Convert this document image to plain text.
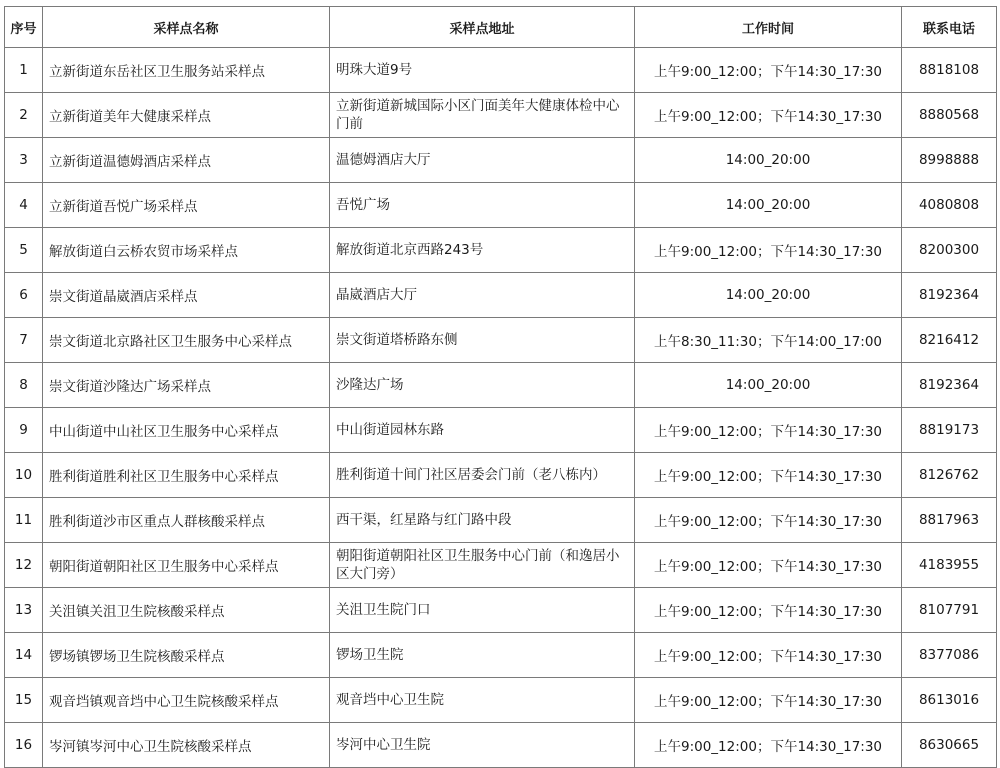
序号	采样点名称	采样点地址	工作时间	联系电话
1	立新街道东岳社区卫生服务站采样点	明珠大道9号	上午9:00_12:00；下午14:30_17:30	8818108
2	立新街道美年大健康采样点	立新街道新城国际小区门面美年大健康体检中心门前	上午9:00_12:00；下午14:30_17:30	8880568
3	立新街道温德姆酒店采样点	温德姆酒店大厅	14:00_20:00	8998888
4	立新街道吾悦广场采样点	吾悦广场	14:00_20:00	4080808
5	解放街道白云桥农贸市场采样点	解放街道北京西路243号	上午9:00_12:00；下午14:30_17:30	8200300
6	崇文街道晶崴酒店采样点	晶崴酒店大厅	14:00_20:00	8192364
7	崇文街道北京路社区卫生服务中心采样点	崇文街道塔桥路东侧	上午8:30_11:30；下午14:00_17:00	8216412
8	崇文街道沙隆达广场采样点	沙隆达广场	14:00_20:00	8192364
9	中山街道中山社区卫生服务中心采样点	中山街道园林东路	上午9:00_12:00；下午14:30_17:30	8819173
10	胜利街道胜利社区卫生服务中心采样点	胜利街道十间门社区居委会门前（老八栋内）	上午9:00_12:00；下午14:30_17:30	8126762
11	胜利街道沙市区重点人群核酸采样点	西干渠，红星路与红门路中段	上午9:00_12:00；下午14:30_17:30	8817963
12	朝阳街道朝阳社区卫生服务中心采样点	朝阳街道朝阳社区卫生服务中心门前（和逸居小区大门旁）	上午9:00_12:00；下午14:30_17:30	4183955
13	关沮镇关沮卫生院核酸采样点	关沮卫生院门口	上午9:00_12:00；下午14:30_17:30	8107791
14	锣场镇锣场卫生院核酸采样点	锣场卫生院	上午9:00_12:00；下午14:30_17:30	8377086
15	观音垱镇观音垱中心卫生院核酸采样点	观音垱中心卫生院	上午9:00_12:00；下午14:30_17:30	8613016
16	岑河镇岑河中心卫生院核酸采样点	岑河中心卫生院	上午9:00_12:00；下午14:30_17:30	8630665
